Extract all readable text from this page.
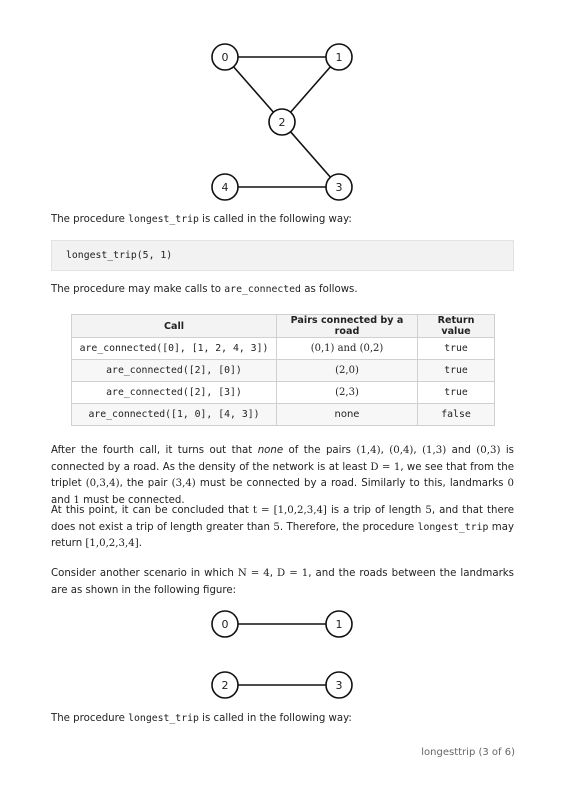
0	1
2
3
4

The procedure longest_trip is called in the following way:

longest_trip(5, 1)

The procedure may make calls to are_connected as follows.

Call	Pairs connected by a road	Return value
are_connected([0], [1, 2, 4, 3])	(0,1) and (0,2)	true
are_connected([2], [0])	(2,0)	true
are_connected([2], [3])	(2,3)	true
are_connected([1, 0], [4, 3])	none	false

After the fourth call, it turns out that none of the pairs (1,4), (0,4), (1,3) and (0,3) is connected by a road. As the density of the network is at least D = 1, we see that from the triplet (0,3,4), the pair (3,4) must be connected by a road. Similarly to this, landmarks 0 and 1 must be connected.

At this point, it can be concluded that t = [1,0,2,3,4] is a trip of length 5, and that there does not exist a trip of length greater than 5. Therefore, the procedure longest_trip may return [1,0,2,3,4].

Consider another scenario in which N = 4, D = 1, and the roads between the landmarks are as shown in the following figure:

0	1
2	3

The procedure longest_trip is called in the following way:

longesttrip (3 of 6)
